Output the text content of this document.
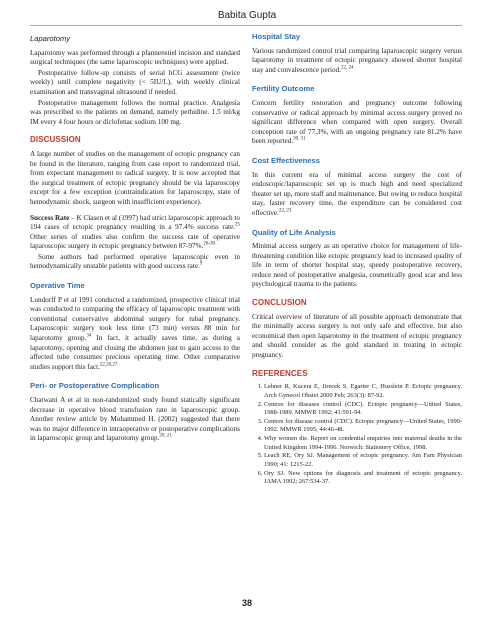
Babita Gupta
Laparotomy

Laparotomy was performed through a pfannenstiel incision and standard surgical techniques (the same laparoscopic techniques) were applied.

Postoperative follow-up consists of serial hCG assessment (twice weekly) until complete negativity (< 5IU/L), with weekly clinical examination and transvaginal ultrasound if needed.

Postoperative management follows the normal practice. Analgesia was prescribed to the patients on demand, namely pethidine. 1.5 ml/kg IM every 4 four hours or diclofenac sodium 100 mg.

DISCUSSION

A large number of studies on the management of ectopic pregnancy can be found in the literature, ranging from case report to randomized trial, from expectant management to radical surgery. It is now accepted that the surgical treatment of ectopic pregnancy should be via laparoscopy except for a few exception (contraindication for laparoscopy, state of hemodynamic shock, surgeon with insufficient experience).

Success Rate – K Clasen et al (1997) had strict laparoscopic approach to 194 cases of ectopic pregnancy resulting in a 97.4% success rate.$^{25}$ Other series of studies also confirm the success rate of operative laparoscopic surgery in ectopic pregnancy between 87-97%.$^{26-30}$

Some authors had performed operative laparoscopic even in hemodynamically unstable patients with good success rate.$^9$

Operative Time

Lundorff P et al 1991 conducted a randomized, prospective clinical trial was conducted to comparing the efficacy of laparoscopic treatment with conventional conservative abdominal surgery for tubal pregnancy. Laparoscopic surgery took less time (73 min) versus 88 min for laparotomy group.$^{34}$ In fact, it actually saves time, as during a laparotomy, opening and closing the abdomen just to gain access to the affected tube consumes precious operating time. Other comparative studies support this fact.$^{22,26,27}$

Peri- or Postoperative Complication

Chatwani A et al in non-randomized study found statically significant decrease in operative blood transfusion rate in laparoscopic group. Another review article by Mohammed H. (2002) suggested that there was no major difference in intraoperative or postoperative complications in laparoscopic group and laparotomy group.$^{20, 21}$

Hospital Stay

Various randomized control trial comparing laparoscopic surgery versus laparotomy in treatment of ectopic pregnancy showed shorter hospital stay and convalescence period.$^{22, 24}$

Fertility Outcome

Concern fertility restoration and pregnancy outcome following conservative or radical approach by minimal access surgery proved no significant difference when compared with open surgery. Overall conception rate of 77.3%, with an ongoing pregnancy rate 81.2% have been reported.$^{30, 31}$

Cost Effectiveness

In this current era of minimal access surgery the cost of endoscopic/laparoscopic set up is much high and need specialized theater set up, more staff and maintenance. But owing to reduce hospital stay, faster recovery time, the expenditure can be considered cost effective.$^{22, 23}$

Quality of Life Analysis

Minimal access surgery as an operative choice for management of life-threatening condition like ectopic pregnancy lead to increased quality of life in term of shorter hospital stay, speedy postoperative recovery, reduce need of postoperative analgesia, cosmetically good scar and less psychological trauma to the patients.

CONCLUSION

Critical overview of literature of all possible approach demonstrate that the minimally access surgery is not only safe and effective, but also economical then open laparotomy in the treatment of ectopic pregnancy and should consider as the gold standard in treating in ectopic pregnancy.

REFERENCES
1. Lehner R, Kucera E, Jirecek S, Egarter C, Husslein P. Ectopic pregnancy. Arch Gynecol Obstet 2000 Feb; 263(3): 87-92.
2. Centres for diseases control (CDC). Ectopic pregnancy—United States, 1988-1989. MMWR 1992; 41:591-94.
3. Centres for disease control (CDC). Ectopic pregnancy—United States, 1990-1992. MMWR 1995; 44:46-48.
4. Why women die. Report on condential enquiries into maternal deaths in the United Kingdom 1994-1996. Norwich: Stationery Office, 1998.
5. Leach RE, Ory SJ. Management of ectopic pregnancy. Am Fam Physician 1990; 41: 1215-22.
6. Ory SJ. New options for diagnosis and treatment of ectopic pregnancy. JAMA 1992; 267:534-37.
38
